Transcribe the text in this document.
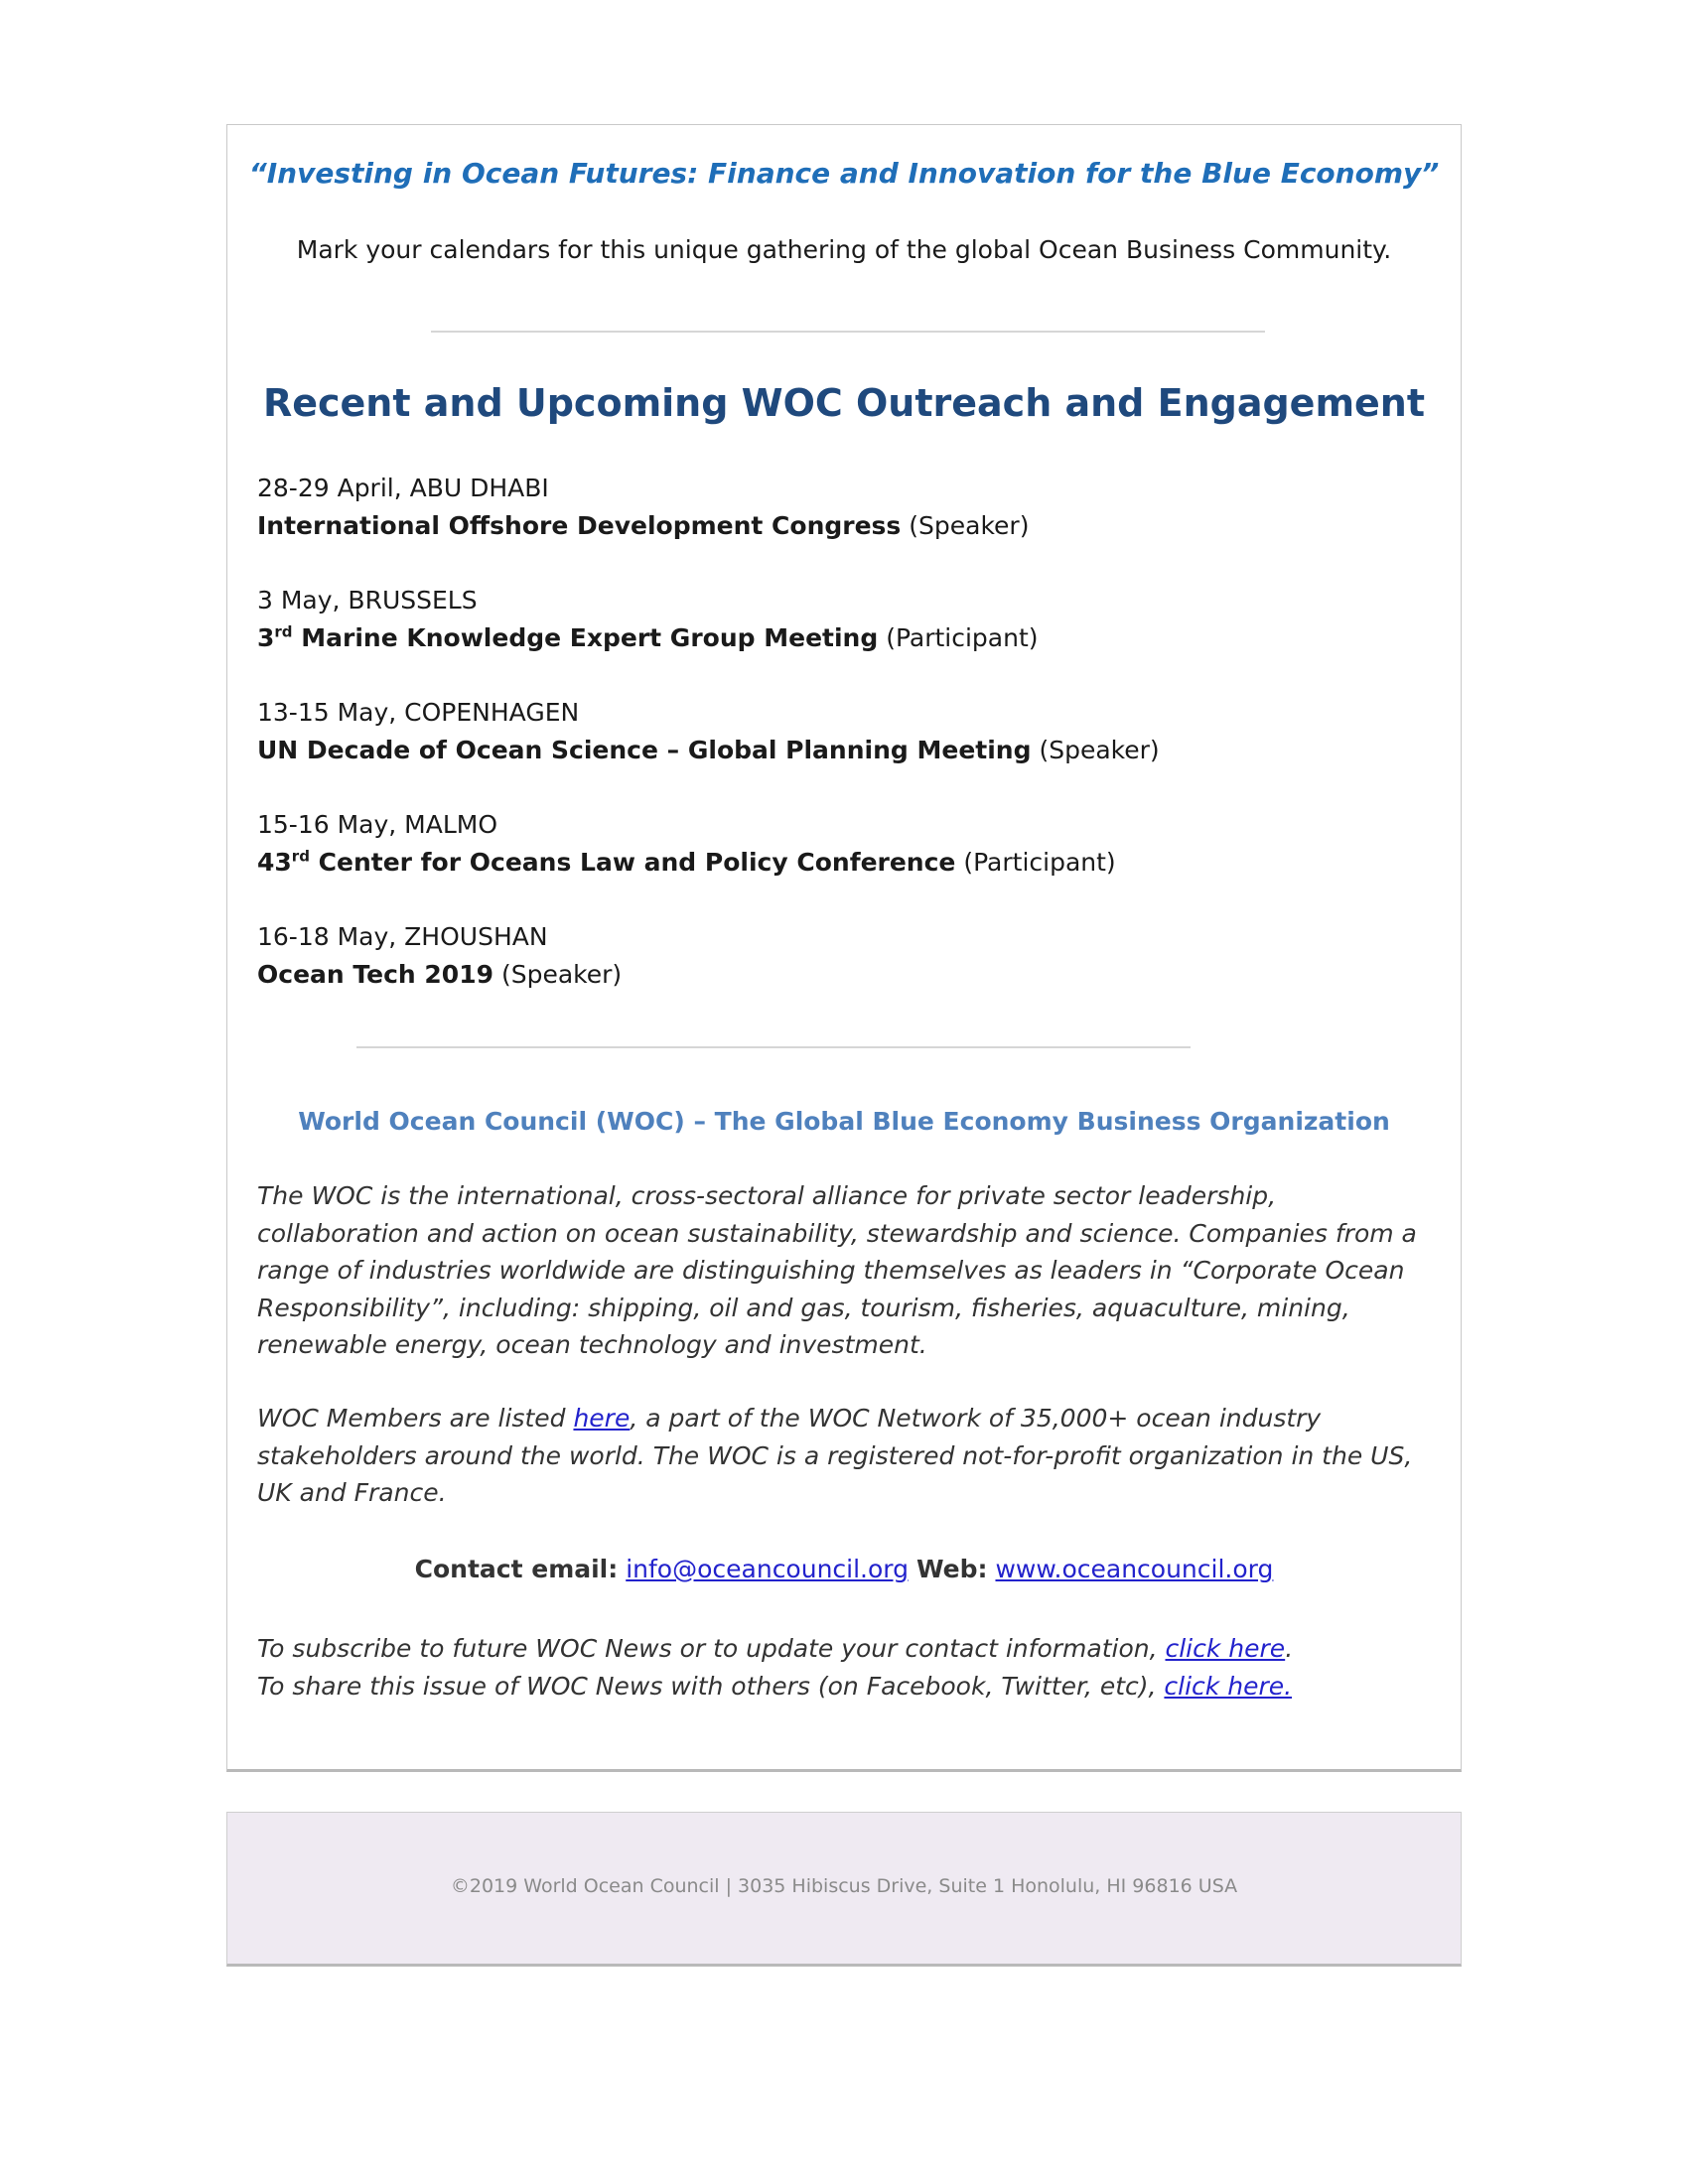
“Investing in Ocean Futures: Finance and Innovation for the Blue Economy”
Mark your calendars for this unique gathering of the global Ocean Business Community.
Recent and Upcoming WOC Outreach and Engagement
28-29 April, ABU DHABI
International Offshore Development Congress (Speaker)
3 May, BRUSSELS
3rd Marine Knowledge Expert Group Meeting (Participant)
13-15 May, COPENHAGEN
UN Decade of Ocean Science – Global Planning Meeting (Speaker)
15-16 May, MALMO
43rd Center for Oceans Law and Policy Conference (Participant)
16-18 May, ZHOUSHAN
Ocean Tech 2019 (Speaker)
World Ocean Council (WOC) – The Global Blue Economy Business Organization
The WOC is the international, cross-sectoral alliance for private sector leadership, collaboration and action on ocean sustainability, stewardship and science. Companies from a range of industries worldwide are distinguishing themselves as leaders in “Corporate Ocean Responsibility”, including: shipping, oil and gas, tourism, fisheries, aquaculture, mining, renewable energy, ocean technology and investment.
WOC Members are listed here, a part of the WOC Network of 35,000+ ocean industry stakeholders around the world. The WOC is a registered not-for-profit organization in the US, UK and France.
Contact email: info@oceancouncil.org Web: www.oceancouncil.org
To subscribe to future WOC News or to update your contact information, click here.
To share this issue of WOC News with others (on Facebook, Twitter, etc), click here.
©2019 World Ocean Council | 3035 Hibiscus Drive, Suite 1 Honolulu, HI 96816 USA
